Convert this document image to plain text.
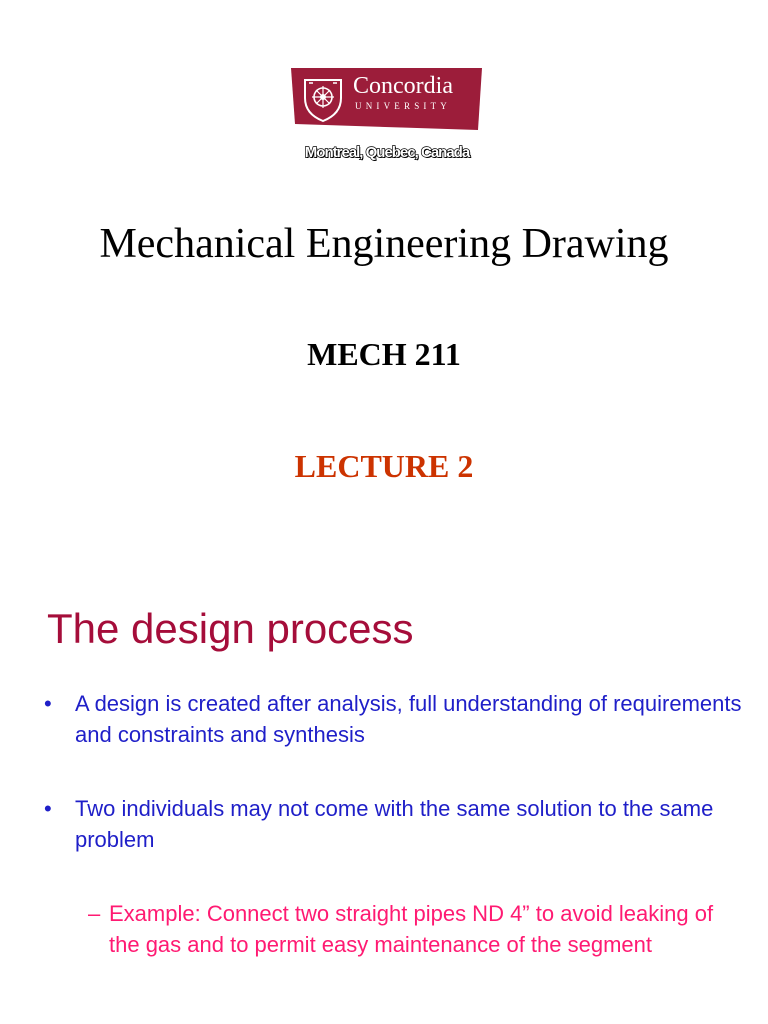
Concordia
UNIVERSITY
Montreal, Quebec, Canada
Mechanical Engineering Drawing
MECH 211
LECTURE 2
The design process
• A design is created after analysis, full understanding of requirements and constraints and synthesis
• Two individuals may not come with the same solution to the same problem
– Example: Connect two straight pipes ND 4” to avoid leaking of the gas and to permit easy maintenance of the segment
